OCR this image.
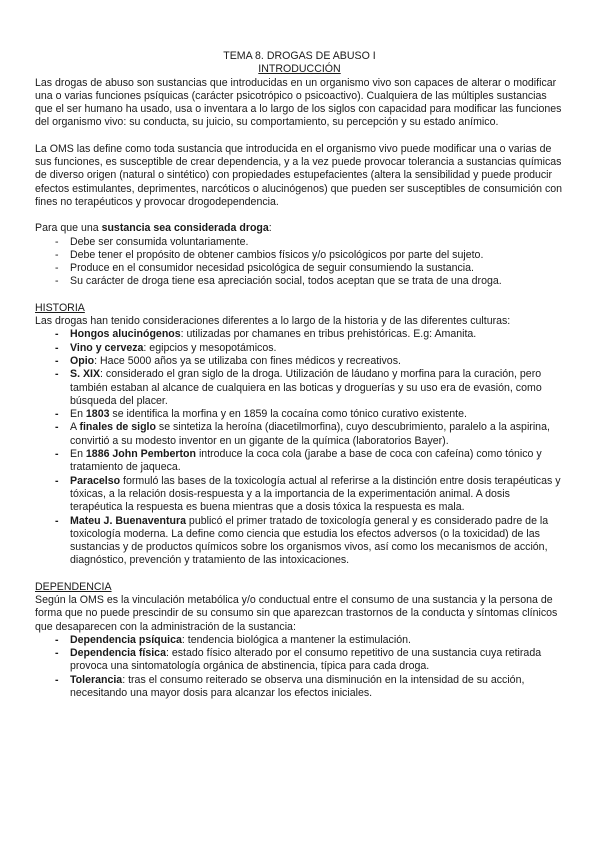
TEMA 8. DROGAS DE ABUSO I

INTRODUCCIÓN

Las drogas de abuso son sustancias que introducidas en un organismo vivo son capaces de alterar o modificar una o varias funciones psíquicas (carácter psicotrópico o psicoactivo). Cualquiera de las múltiples sustancias que el ser humano ha usado, usa o inventara a lo largo de los siglos con capacidad para modificar las funciones del organismo vivo: su conducta, su juicio, su comportamiento, su percepción y su estado anímico.

La OMS las define como toda sustancia que introducida en el organismo vivo puede modificar una o varias de sus funciones, es susceptible de crear dependencia, y a la vez puede provocar tolerancia a sustancias químicas de diverso origen (natural o sintético) con propiedades estupefacientes (altera la sensibilidad y puede producir efectos estimulantes, deprimentes, narcóticos o alucinógenos) que pueden ser susceptibles de consumición con fines no terapéuticos y provocar drogodependencia.

Para que una sustancia sea considerada droga:

- Debe ser consumida voluntariamente.
- Debe tener el propósito de obtener cambios físicos y/o psicológicos por parte del sujeto.
- Produce en el consumidor necesidad psicológica de seguir consumiendo la sustancia.
- Su carácter de droga tiene esa apreciación social, todos aceptan que se trata de una droga.

HISTORIA

Las drogas han tenido consideraciones diferentes a lo largo de la historia y de las diferentes culturas:

- Hongos alucinógenos: utilizadas por chamanes en tribus prehistóricas. E.g: Amanita.
- Vino y cerveza: egipcios y mesopotámicos.
- Opio: Hace 5000 años ya se utilizaba con fines médicos y recreativos.
- S. XIX: considerado el gran siglo de la droga. Utilización de láudano y morfina para la curación, pero también estaban al alcance de cualquiera en las boticas y droguerías y su uso era de evasión, como búsqueda del placer.
- En 1803 se identifica la morfina y en 1859 la cocaína como tónico curativo existente.
- A finales de siglo se sintetiza la heroína (diacetilmorfina), cuyo descubrimiento, paralelo a la aspirina, convirtió a su modesto inventor en un gigante de la química (laboratorios Bayer).
- En 1886 John Pemberton introduce la coca cola (jarabe a base de coca con cafeína) como tónico y tratamiento de jaqueca.
- Paracelso formuló las bases de la toxicología actual al referirse a la distinción entre dosis terapéuticas y tóxicas, a la relación dosis-respuesta y a la importancia de la experimentación animal. A dosis terapéutica la respuesta es buena mientras que a dosis tóxica la respuesta es mala.
- Mateu J. Buenaventura publicó el primer tratado de toxicología general y es considerado padre de la toxicología moderna. La define como ciencia que estudia los efectos adversos (o la toxicidad) de las sustancias y de productos químicos sobre los organismos vivos, así como los mecanismos de acción, diagnóstico, prevención y tratamiento de las intoxicaciones.

DEPENDENCIA

Según la OMS es la vinculación metabólica y/o conductual entre el consumo de una sustancia y la persona de forma que no puede prescindir de su consumo sin que aparezcan trastornos de la conducta y síntomas clínicos que desaparecen con la administración de la sustancia:

- Dependencia psíquica: tendencia biológica a mantener la estimulación.
- Dependencia física: estado físico alterado por el consumo repetitivo de una sustancia cuya retirada provoca una sintomatología orgánica de abstinencia, típica para cada droga.
- Tolerancia: tras el consumo reiterado se observa una disminución en la intensidad de su acción, necesitando una mayor dosis para alcanzar los efectos iniciales.
